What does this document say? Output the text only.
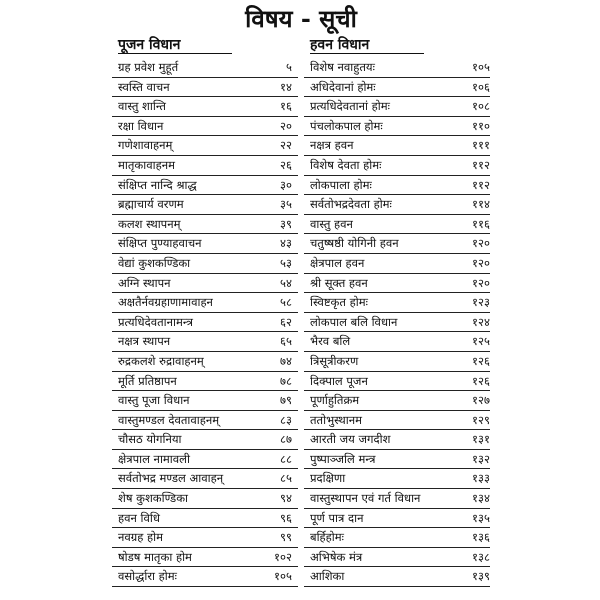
विषय - सूची
पूजन विधान
ग्रह प्रवेश मुहूर्त	५
स्वस्ति वाचन	१४
वास्तु शान्ति	१६
रक्षा विधान	२०
गणेशावाहनम्	२२
मातृकावाहनम	२६
संक्षिप्त नान्दि श्राद्ध	३०
ब्रह्माचार्य वरणम	३५
कलश स्थापनम्	३९
संक्षिप्त पुण्याहवाचन	४३
वेद्यां कुशकण्डिका	५३
अग्नि स्थापन	५४
अक्षतैर्नवग्रहाणामावाहन	५८
प्रत्यधिदेवतानामन्त्र	६२
नक्षत्र स्थापन	६५
रुद्रकलशे रुद्रावाहनम्	७४
मूर्ति प्रतिष्ठापन	७८
वास्तु पूजा विधान	७९
वास्तुमण्डल देवतावाहनम्	८३
चौसठ योगनिया	८७
क्षेत्रपाल नामावली	८८
सर्वतोभद्र मण्डल आवाहन्	८५
शेष कुशकण्डिका	९४
हवन विधि	९६
नवग्रह होम	९९
षोडष मातृका होम	१०२
वसोर्द्धारा होमः	१०५
हवन विधान
विशेष नवाहुतयः	१०५
अधिदेवानां होमः	१०६
प्रत्यधिदेवतानां होमः	१०८
पंचलोकपाल होमः	११०
नक्षत्र हवन	१११
विशेष देवता होमः	११२
लोकपाला होमः	११२
सर्वतोभद्रदेवता होमः	११४
वास्तु हवन	११६
चतुष्षष्ठी योगिनी हवन	१२०
क्षेत्रपाल हवन	१२०
श्री सूक्त हवन	१२०
स्विष्टकृत होमः	१२३
लोकपाल बलि विधान	१२४
भैरव बलि	१२५
त्रिसूत्रीकरण	१२६
दिक्पाल पूजन	१२६
पूर्णाहुतिक्रम	१२७
ततोभुस्थानम	१२९
आरती जय जगदीश	१३१
पुष्पाञ्जलि मन्त्र	१३२
प्रदक्षिणा	१३३
वास्तुस्थापन एवं गर्त विधान	१३४
पूर्ण पात्र दान	१३५
बर्हिहोमः	१३६
अभिषेक मंत्र	१३८
आशिका	१३९
